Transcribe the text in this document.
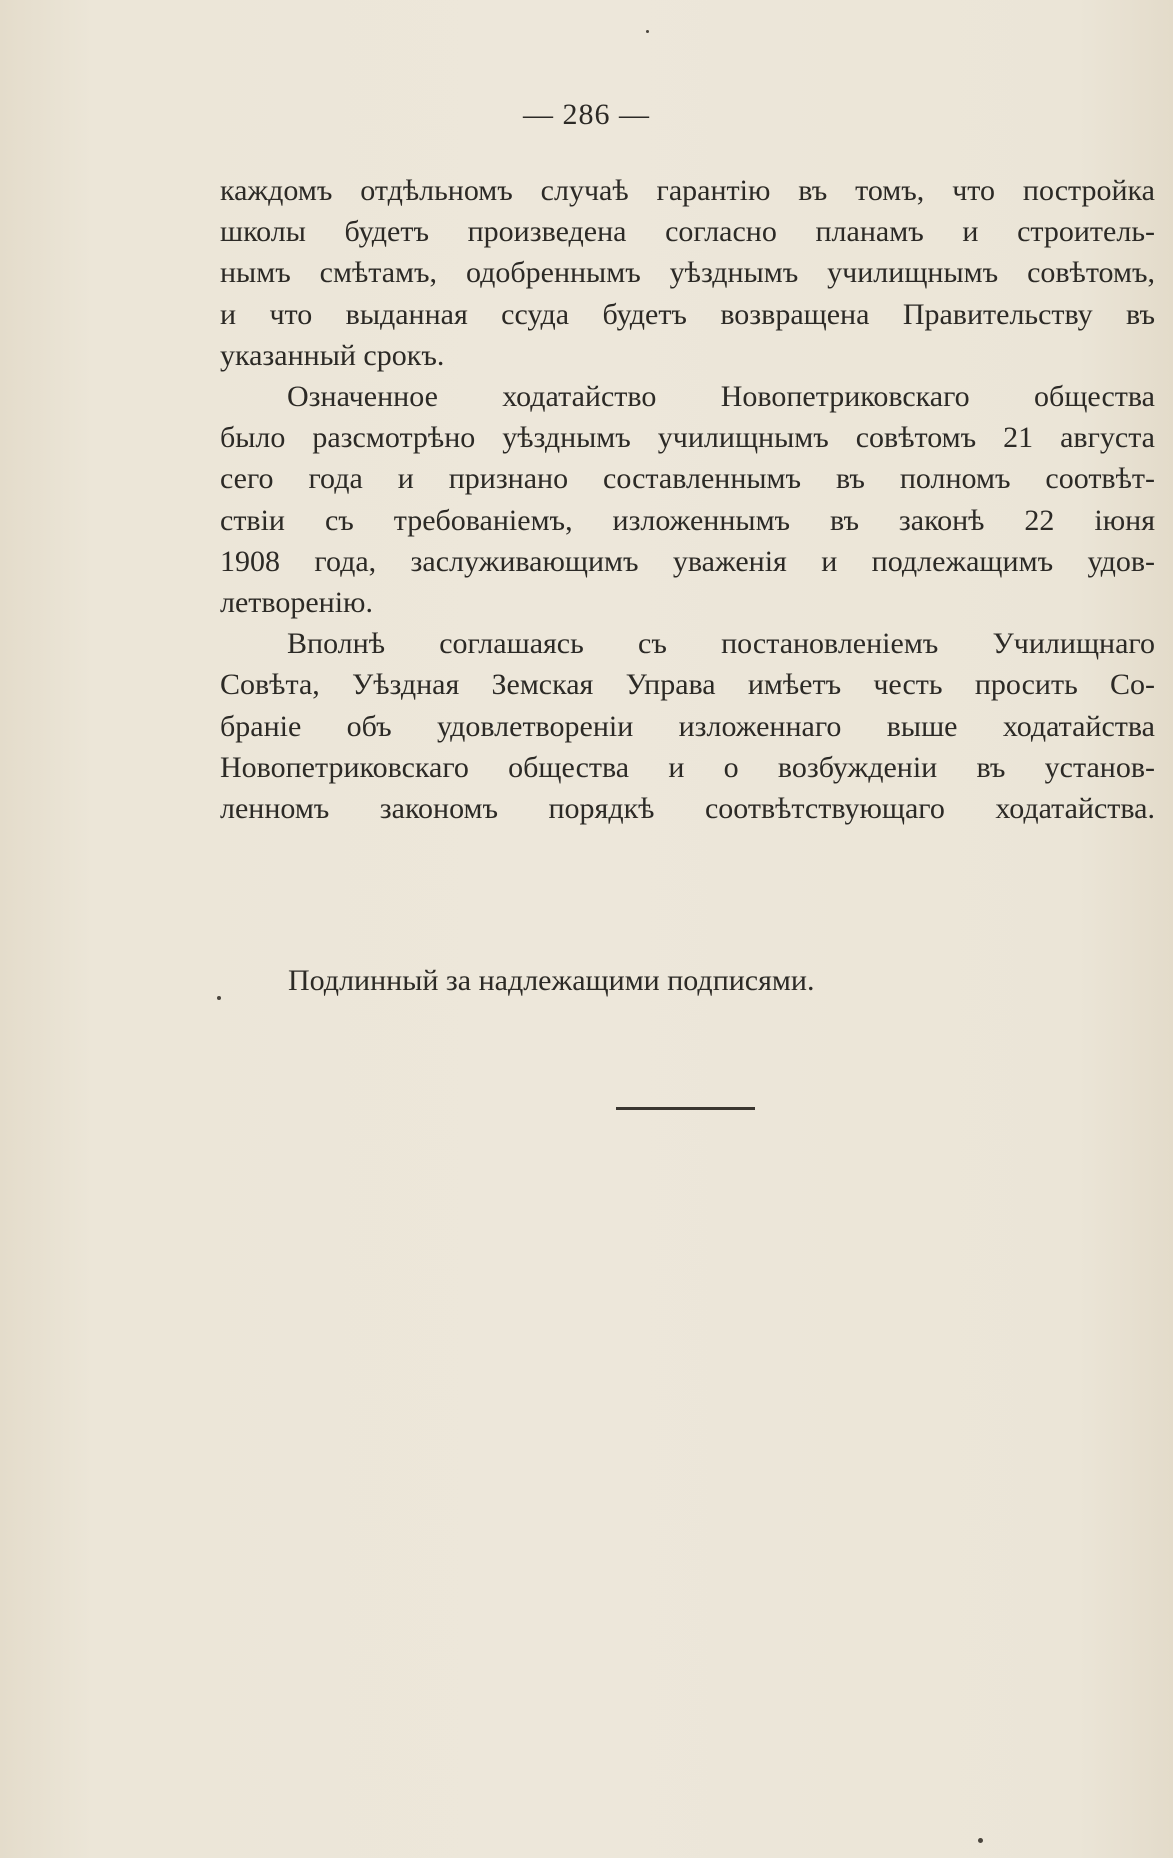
— 286 —
каждомъ отдѣльномъ случаѣ гарантію въ томъ, что постройка
школы будетъ произведена согласно планамъ и строитель-
нымъ смѣтамъ, одобреннымъ уѣзднымъ училищнымъ совѣтомъ,
и что выданная ссуда будетъ возвращена Правительству въ
указанный срокъ.
Означенное ходатайство Новопетриковскаго общества
было разсмотрѣно уѣзднымъ училищнымъ совѣтомъ 21 августа
сего года и признано составленнымъ въ полномъ соотвѣт-
ствіи съ требованіемъ, изложеннымъ въ законѣ 22 іюня
1908 года, заслуживающимъ уваженія и подлежащимъ удов-
летворенію.
Вполнѣ соглашаясь съ постановленіемъ Училищнаго
Совѣта, Уѣздная Земская Управа имѣетъ честь просить Со-
браніе объ удовлетвореніи изложеннаго выше ходатайства
Новопетриковскаго общества и о возбужденіи въ установ-
ленномъ закономъ порядкѣ соотвѣтствующаго ходатайства.
Подлинный за надлежащими подписями.
